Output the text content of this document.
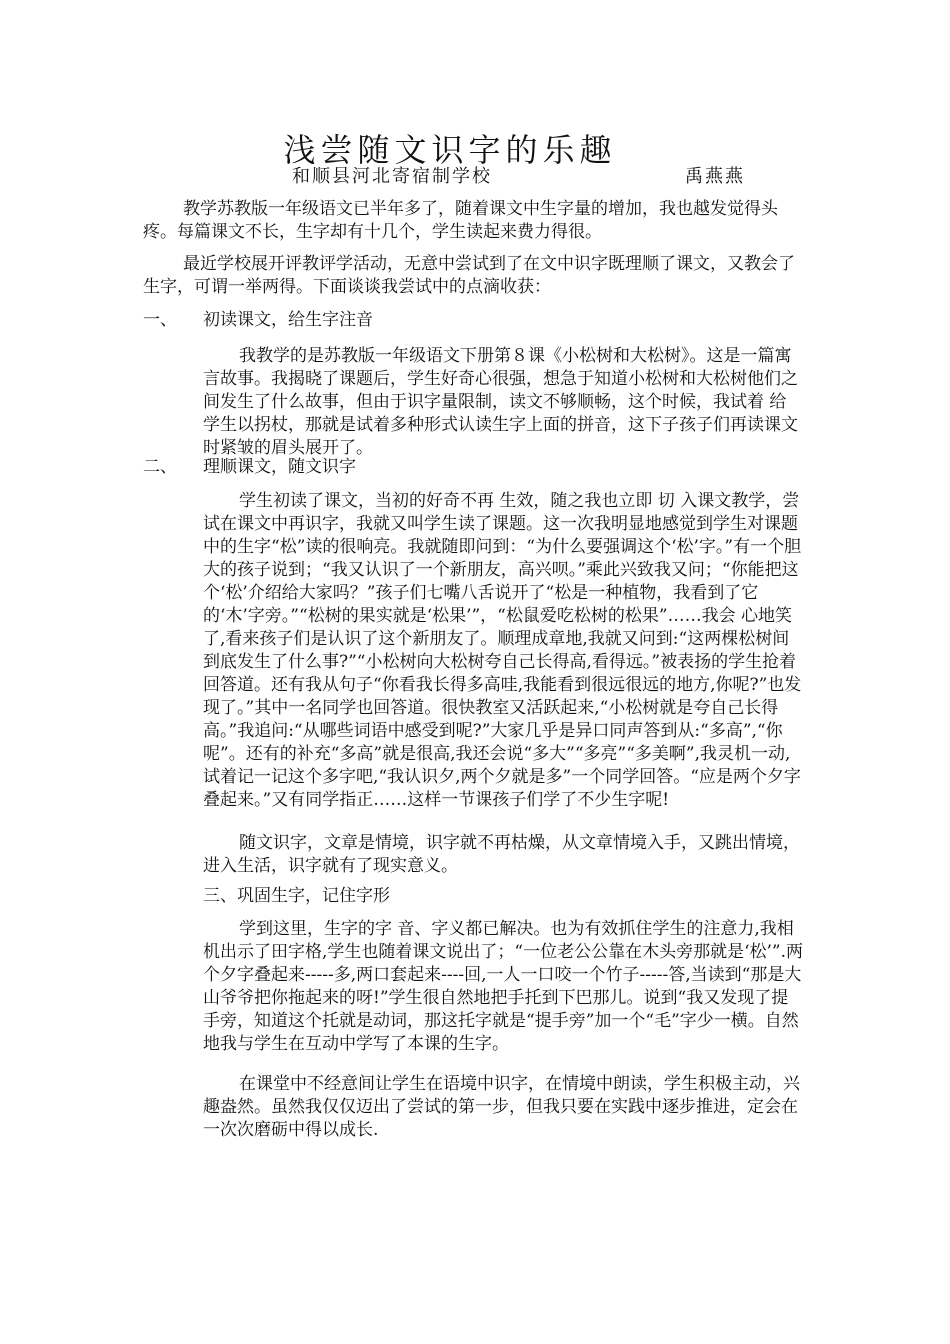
浅尝随文识字的乐趣
和顺县河北寄宿制学校	禹燕燕

教学苏教版一年级语文已半年多了，随着课文中生字量的增加，我也越发觉得头疼。每篇课文不长，生字却有十几个，学生读起来费力得很。

最近学校展开评教评学活动，无意中尝试到了在文中识字既理顺了课文，又教会了生字，可谓一举两得。下面谈谈我尝试中的点滴收获：

一、 初读课文，给生字注音

我教学的是苏教版一年级语文下册第８课《小松树和大松树》。这是一篇寓言故事。我揭晓了课题后，学生好奇心很强，想急于知道小松树和大松树他们之间发生了什么故事，但由于识字量限制，读文不够顺畅，这个时候，我试着 给学生以拐杖，那就是试着多种形式认读生字上面的拼音，这下子孩子们再读课文时紧皱的眉头展开了。

二、 理顺课文，随文识字

学生初读了课文，当初的好奇不再 生效，随之我也立即 切 入课文教学，尝试在课文中再识字，我就又叫学生读了课题。这一次我明显地感觉到学生对课题中的生字“松”读的很响亮。我就随即问到：“为什么要强调这个‘松’字。”有一个胆大的孩子说到；“我又认识了一个新朋友，高兴呗。”乘此兴致我又问；“你能把这个‘松’介绍给大家吗？”孩子们七嘴八舌说开了“松是一种植物，我看到了它的‘木’字旁。”“松树的果实就是‘松果’”，“松鼠爱吃松树的松果”……我会 心地笑了,看来孩子们是认识了这个新朋友了。顺理成章地,我就又问到:“这两棵松树间到底发生了什么事?”“小松树向大松树夸自己长得高,看得远。”被表扬的学生抢着回答道。还有我从句子“你看我长得多高哇,我能看到很远很远的地方,你呢?”也发现了。”其中一名同学也回答道。很快教室又活跃起来,“小松树就是夸自己长得高。”我追问:“从哪些词语中感受到呢?”大家几乎是异口同声答到从:“多高”,“你呢”。还有的补充“多高”就是很高,我还会说“多大”“多亮”“多美啊”,我灵机一动,试着记一记这个多字吧,“我认识夕,两个夕就是多”一个同学回答。“应是两个夕字叠起来。”又有同学指正……这样一节课孩子们学了不少生字呢!

随文识字，文章是情境，识字就不再枯燥，从文章情境入手，又跳出情境，进入生活，识字就有了现实意义。

三、巩固生字，记住字形

学到这里，生字的字 音、字义都已解决。也为有效抓住学生的注意力,我相机出示了田字格,学生也随着课文说出了；“一位老公公靠在木头旁那就是‘松’”.两个夕字叠起来-----多,两口套起来----回,一人一口咬一个竹子-----答,当读到“那是大山爷爷把你拖起来的呀!”学生很自然地把手托到下巴那儿。说到“我又发现了提手旁，知道这个托就是动词，那这托字就是“提手旁”加一个“毛”字少一横。自然地我与学生在互动中学写了本课的生字。

在课堂中不经意间让学生在语境中识字，在情境中朗读，学生积极主动，兴趣盎然。虽然我仅仅迈出了尝试的第一步，但我只要在实践中逐步推进，定会在一次次磨砺中得以成长.
